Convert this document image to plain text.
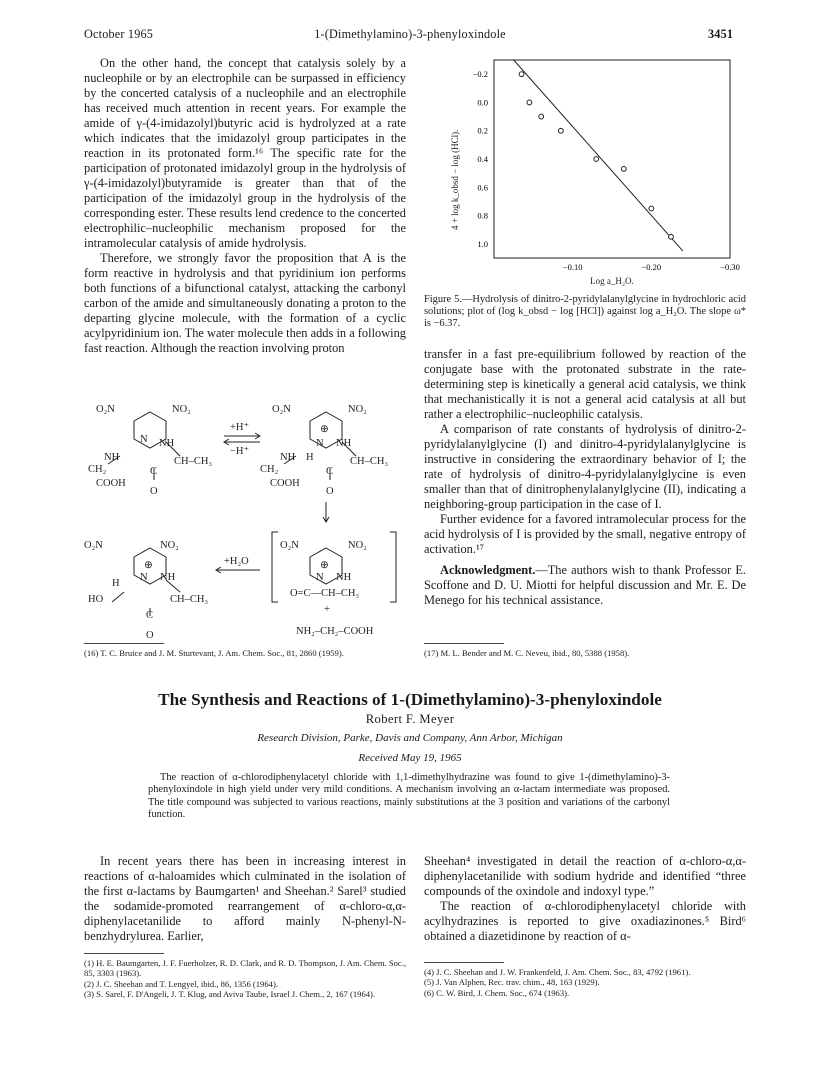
October 1965	1-(Dimethylamino)-3-phenyloxindole	3451

On the other hand, the concept that catalysis solely by a nucleophile or by an electrophile can be surpassed in efficiency by the concerted catalysis of a nucleophile and an electrophile has received much attention in recent years. For example the amide of γ-(4-imidazolyl)butyric acid is hydrolyzed at a rate which indicates that the imidazolyl group participates in the reaction in its protonated form.¹⁶ The specific rate for the participation of protonated imidazolyl group in the hydrolysis of γ-(4-imidazolyl)butyramide is greater than that of the participation of the imidazolyl group in the hydrolysis of the corresponding ester. These results lend credence to the concerted electrophilic–nucleophilic mechanism proposed for the intramolecular catalysis of amide hydrolysis.

Therefore, we strongly favor the proposition that A is the form reactive in hydrolysis and that pyridinium ion performs both functions of a bifunctional catalyst, attacking the carbonyl carbon of the amide and simultaneously donating a proton to the departing glycine molecule, with the formation of a cyclic acylpyridinium ion. The water molecule then adds in a following fast reaction. Although the reaction involving proton

O₂N	NO₂
N NH
NH	CH–CH₃
CH₂	C
COOH
O
+H⁺
−H⁺
O₂N	NO₂
⊕
N NH
NH H	CH–CH₃
CH₂	C
COOH
O
O₂N	NO₂
⊕
N NH
H
HO	CH–CH₃
C
O
+H₂O
O₂N	NO₂
⊕
N NH
O=C—CH–CH₃
+
NH₂–CH₂–COOH
(16) T. C. Bruice and J. M. Sturtevant, J. Am. Chem. Soc., 81, 2860 (1959).
−0.2
0.0
0.2
0.4
0.6
0.8
1.0
−0.10	−0.20	−0.30
4 + log k_obsd − log (HCl).
Log a_H₂O.
Figure 5.—Hydrolysis of dinitro-2-pyridylalanylglycine in hydrochloric acid solutions; plot of (log k_obsd − log [HCl]) against log a_H₂O. The slope ω* is −6.37.

transfer in a fast pre-equilibrium followed by reaction of the conjugate base with the protonated substrate in the rate-determining step is kinetically a general acid catalysis, we think that mechanistically it is not a general acid catalysis at all but rather a electrophilic–nucleophilic catalysis.

A comparison of rate constants of hydrolysis of dinitro-2-pyridylalanylglycine (I) and dinitro-4-pyridylalanylglycine is instructive in considering the extraordinary behavior of I; the rate of hydrolysis of dinitro-4-pyridylalanylglycine is even smaller than that of dinitrophenylalanylglycine (II), indicating a neighboring-group participation in the case of I.

Further evidence for a favored intramolecular process for the acid hydrolysis of I is provided by the small, negative entropy of activation.¹⁷

Acknowledgment.—The authors wish to thank Professor E. Scoffone and D. U. Miotti for helpful discussion and Mr. E. De Menego for his technical assistance.

(17) M. L. Bender and M. C. Neveu, ibid., 80, 5388 (1958).
The Synthesis and Reactions of 1-(Dimethylamino)-3-phenyloxindole
Robert F. Meyer
Research Division, Parke, Davis and Company, Ann Arbor, Michigan
Received May 19, 1965
The reaction of α-chlorodiphenylacetyl chloride with 1,1-dimethylhydrazine was found to give 1-(dimethylamino)-3-phenyloxindole in high yield under very mild conditions. A mechanism involving an α-lactam intermediate was proposed. The title compound was subjected to various reactions, mainly substitutions at the 3 position and variations of the carbonyl function.

In recent years there has been in increasing interest in reactions of α-haloamides which culminated in the isolation of the first α-lactams by Baumgarten¹ and Sheehan.² Sarel³ studied the sodamide-promoted rearrangement of α-chloro-α,α-diphenylacetanilide to afford mainly N-phenyl-N-benzhydrylurea. Earlier,

(1) H. E. Baumgarten, J. F. Fuerholzer, R. D. Clark, and R. D. Thompson, J. Am. Chem. Soc., 85, 3303 (1963).
(2) J. C. Sheehan and T. Lengyel, ibid., 86, 1356 (1964).
(3) S. Sarel, F. D'Angeli, J. T. Klug, and Aviva Taube, Israel J. Chem., 2, 167 (1964).

Sheehan⁴ investigated in detail the reaction of α-chloro-α,α-diphenylacetanilide with sodium hydride and identified “three compounds of the oxindole and indoxyl type.”

The reaction of α-chlorodiphenylacetyl chloride with acylhydrazines is reported to give oxadiazinones.⁵ Bird⁶ obtained a diazetidinone by reaction of α-

(4) J. C. Sheehan and J. W. Frankenfeld, J. Am. Chem. Soc., 83, 4792 (1961).
(5) J. Van Alphen, Rec. trav. chim., 48, 163 (1929).
(6) C. W. Bird, J. Chem. Soc., 674 (1963).
